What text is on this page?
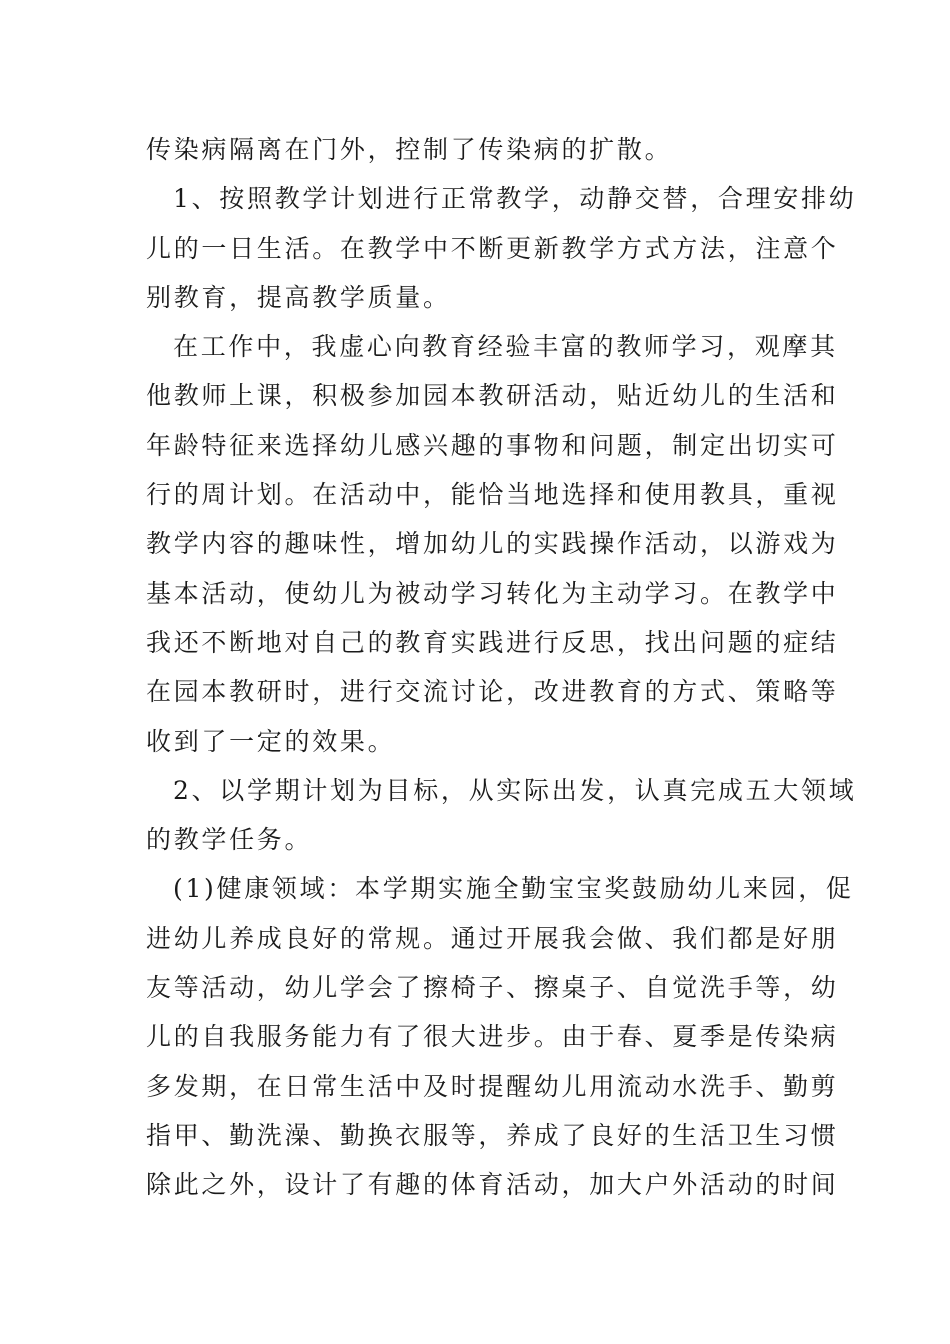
传染病隔离在门外，控制了传染病的扩散。
1、按照教学计划进行正常教学，动静交替，合理安排幼
儿的一日生活。在教学中不断更新教学方式方法，注意个
别教育，提高教学质量。
在工作中，我虚心向教育经验丰富的教师学习，观摩其
他教师上课，积极参加园本教研活动，贴近幼儿的生活和
年龄特征来选择幼儿感兴趣的事物和问题，制定出切实可
行的周计划。在活动中，能恰当地选择和使用教具，重视
教学内容的趣味性，增加幼儿的实践操作活动，以游戏为
基本活动，使幼儿为被动学习转化为主动学习。在教学中
我还不断地对自己的教育实践进行反思，找出问题的症结
在园本教研时，进行交流讨论，改进教育的方式、策略等
收到了一定的效果。
2、以学期计划为目标，从实际出发，认真完成五大领域
的教学任务。
(1)健康领域：本学期实施全勤宝宝奖鼓励幼儿来园，促
进幼儿养成良好的常规。通过开展我会做、我们都是好朋
友等活动，幼儿学会了擦椅子、擦桌子、自觉洗手等，幼
儿的自我服务能力有了很大进步。由于春、夏季是传染病
多发期，在日常生活中及时提醒幼儿用流动水洗手、勤剪
指甲、勤洗澡、勤换衣服等，养成了良好的生活卫生习惯
除此之外，设计了有趣的体育活动，加大户外活动的时间
